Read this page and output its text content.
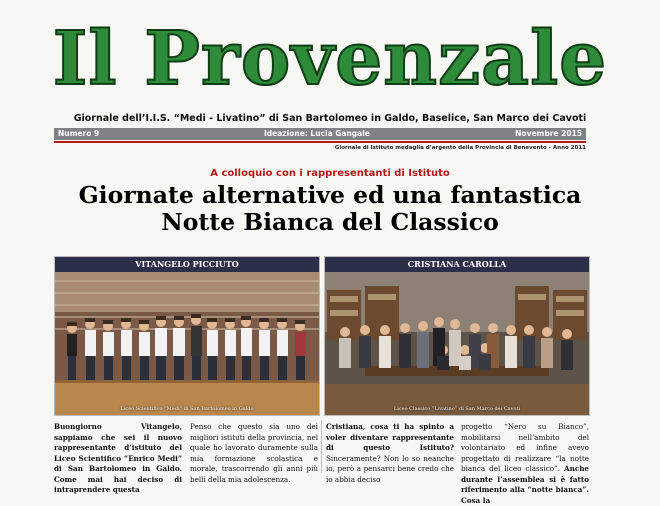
Il Provenzale
Giornale dell’I.I.S. “Medi - Livatino” di San Bartolomeo in Galdo, Baselice, San Marco dei Cavoti
Numero 9	Ideazione: Lucia Gangale	Novembre 2015
Giornale di Istituto medaglia d’argento della Provincia di Benevento - Anno 2011
A colloquio con i rappresentanti di Istituto
Giornate alternative ed una fantastica
Notte Bianca del Classico
VITANGELO PICCIUTO
Liceo Scientifico “Medi” di San Bartolomeo in Galdo
CRISTIANA CAROLLA
Liceo Classico “Livatino” di San Marco dei Cavoti
Buongiorno Vitangelo, sappiamo che sei il nuovo rappresentante d’istituto del Liceo Scientifico “Enrico Medi” di San Bartolomeo in Galdo. Come mai hai deciso di intraprendere questa
Penso che questo sia uno dei migliori istituti della provincia, nel quale ho lavorato duramente sulla mia formazione scolastica e morale, trascorrendo gli anni più belli della mia adolescenza.
Cristiana, cosa ti ha spinto a voler diventare rappresentante di questo Istituto? Sinceramente? Non lo so neanche io, però a pensarci bene credo che io abbia deciso
progetto “Nero su Bianco”, mobilitarsi nell’ambito del volontariato ed infine avevo progettato di realizzare “la notte bianca del liceo classico”. Anche durante l’assemblea si è fatto riferimento alla “notte bianca”. Cosa la
